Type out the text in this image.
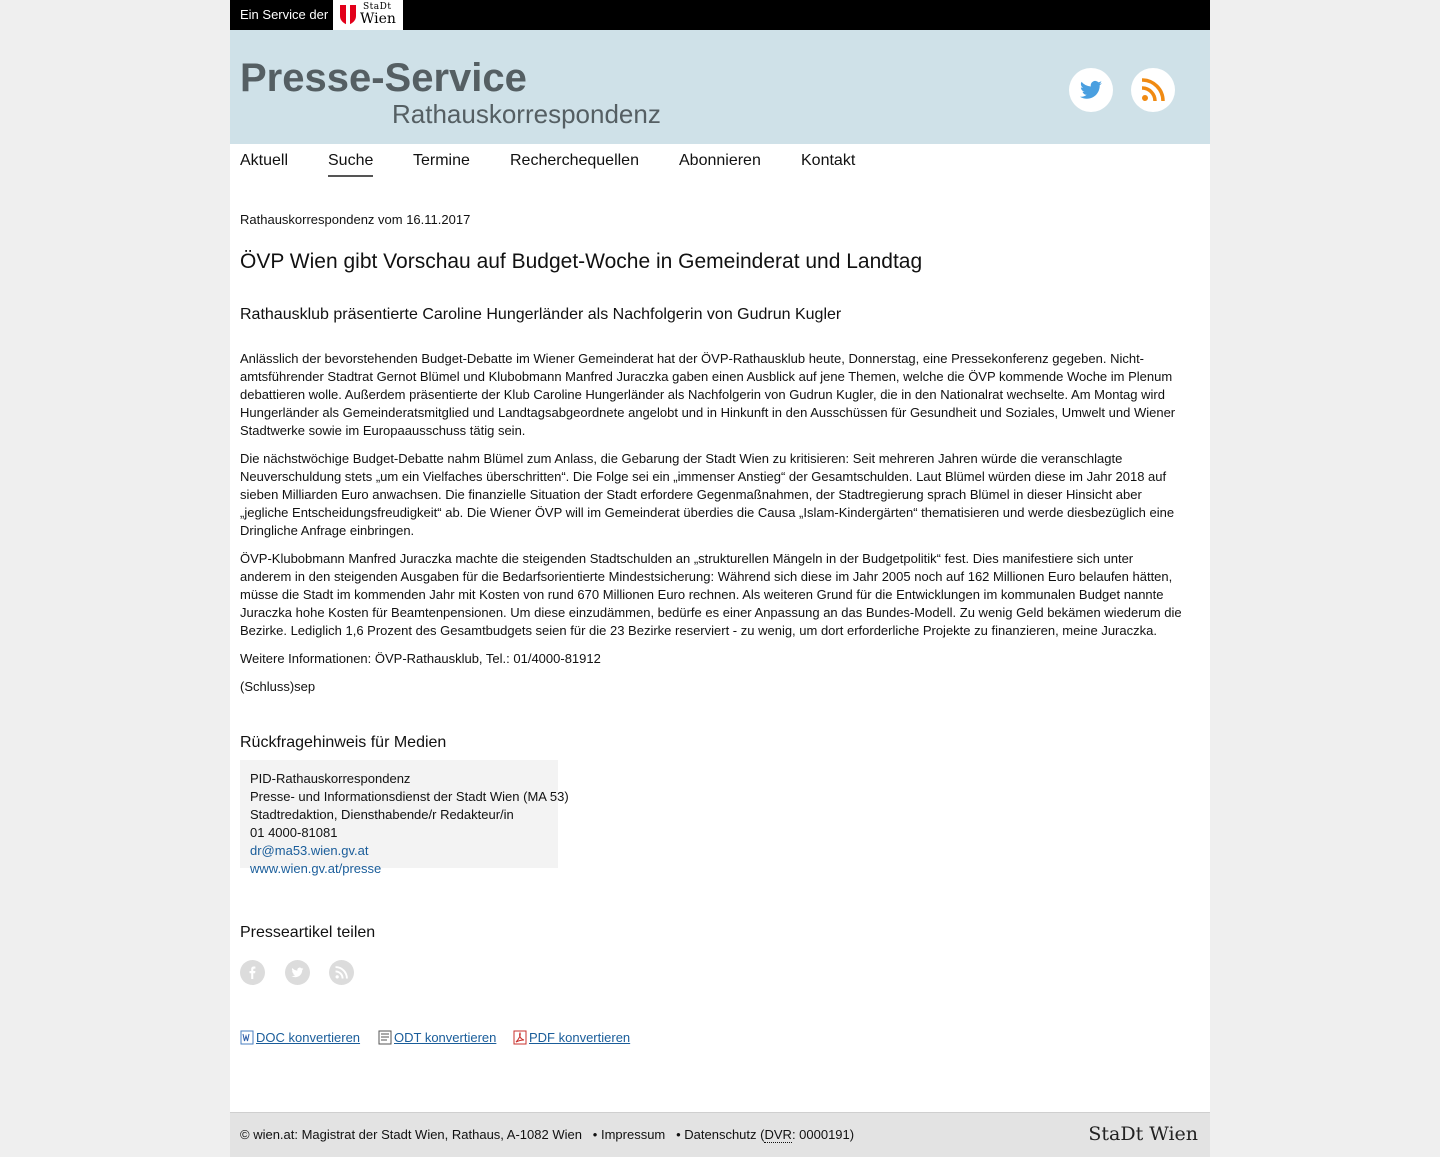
Ein Service der	StaDt
Wien
Presse-Service
Rathauskorrespondenz
Aktuell Suche Termine	Recherchequellen	Abonnieren	Kontakt
Rathauskorrespondenz vom 16.11.2017
ÖVP Wien gibt Vorschau auf Budget-Woche in Gemeinderat und Landtag
Rathausklub präsentierte Caroline Hungerländer als Nachfolgerin von Gudrun Kugler

Anlässlich der bevorstehenden Budget-Debatte im Wiener Gemeinderat hat der ÖVP-Rathausklub heute, Donnerstag, eine Pressekonferenz gegeben. Nicht-amtsführender Stadtrat Gernot Blümel und Klubobmann Manfred Juraczka gaben einen Ausblick auf jene Themen, welche die ÖVP kommende Woche im Plenum debattieren wolle. Außerdem präsentierte der Klub Caroline Hungerländer als Nachfolgerin von Gudrun Kugler, die in den Nationalrat wechselte. Am Montag wird Hungerländer als Gemeinderatsmitglied und Landtagsabgeordnete angelobt und in Hinkunft in den Ausschüssen für Gesundheit und Soziales, Umwelt und Wiener Stadtwerke sowie im Europaausschuss tätig sein.

Die nächstwöchige Budget-Debatte nahm Blümel zum Anlass, die Gebarung der Stadt Wien zu kritisieren: Seit mehreren Jahren würde die veranschlagte Neuverschuldung stets „um ein Vielfaches überschritten“. Die Folge sei ein „immenser Anstieg“ der Gesamtschulden. Laut Blümel würden diese im Jahr 2018 auf sieben Milliarden Euro anwachsen. Die finanzielle Situation der Stadt erfordere Gegenmaßnahmen, der Stadtregierung sprach Blümel in dieser Hinsicht aber „jegliche Entscheidungsfreudigkeit“ ab. Die Wiener ÖVP will im Gemeinderat überdies die Causa „Islam-Kindergärten“ thematisieren und werde diesbezüglich eine Dringliche Anfrage einbringen.

ÖVP-Klubobmann Manfred Juraczka machte die steigenden Stadtschulden an „strukturellen Mängeln in der Budgetpolitik“ fest. Dies manifestiere sich unter anderem in den steigenden Ausgaben für die Bedarfsorientierte Mindestsicherung: Während sich diese im Jahr 2005 noch auf 162 Millionen Euro belaufen hätten, müsse die Stadt im kommenden Jahr mit Kosten von rund 670 Millionen Euro rechnen. Als weiteren Grund für die Entwicklungen im kommunalen Budget nannte Juraczka hohe Kosten für Beamtenpensionen. Um diese einzudämmen, bedürfe es einer Anpassung an das Bundes-Modell. Zu wenig Geld bekämen wiederum die Bezirke. Lediglich 1,6 Prozent des Gesamtbudgets seien für die 23 Bezirke reserviert - zu wenig, um dort erforderliche Projekte zu finanzieren, meine Juraczka.

Weitere Informationen: ÖVP-Rathausklub, Tel.: 01/4000-81912

(Schluss)sep

Rückfragehinweis für Medien
PID-Rathauskorrespondenz
Presse- und Informationsdienst der Stadt Wien (MA 53)
Stadtredaktion, Diensthabende/r Redakteur/in
01 4000-81081
dr@ma53.wien.gv.at
www.wien.gv.at/presse
Presseartikel teilen
DOC konvertieren	ODT konvertieren	PDF konvertieren
© wien.at: Magistrat der Stadt Wien, Rathaus, A-1082 Wien   • Impressum   • Datenschutz (DVR: 0000191)	StaDt Wien
